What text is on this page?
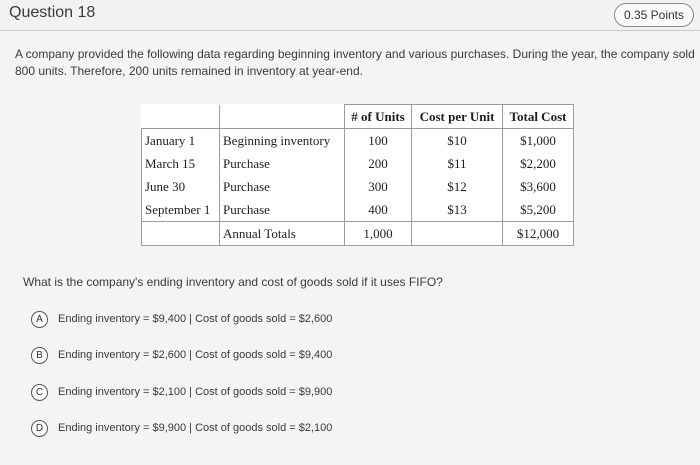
Question 18	0.35 Points
A company provided the following data regarding beginning inventory and various purchases. During the year, the company sold 800 units. Therefore, 200 units remained in inventory at year-end.
		# of Units	Cost per Unit	Total Cost
January 1	Beginning inventory	100	$10	$1,000
March 15	Purchase	200	$11	$2,200
June 30	Purchase	300	$12	$3,600
September 1	Purchase	400	$13	$5,200
	Annual Totals	1,000		$12,000
What is the company's ending inventory and cost of goods sold if it uses FIFO?
A	Ending inventory = $9,400 | Cost of goods sold = $2,600
B	Ending inventory = $2,600 | Cost of goods sold = $9,400
C	Ending inventory = $2,100 | Cost of goods sold = $9,900
D	Ending inventory = $9,900 | Cost of goods sold = $2,100
